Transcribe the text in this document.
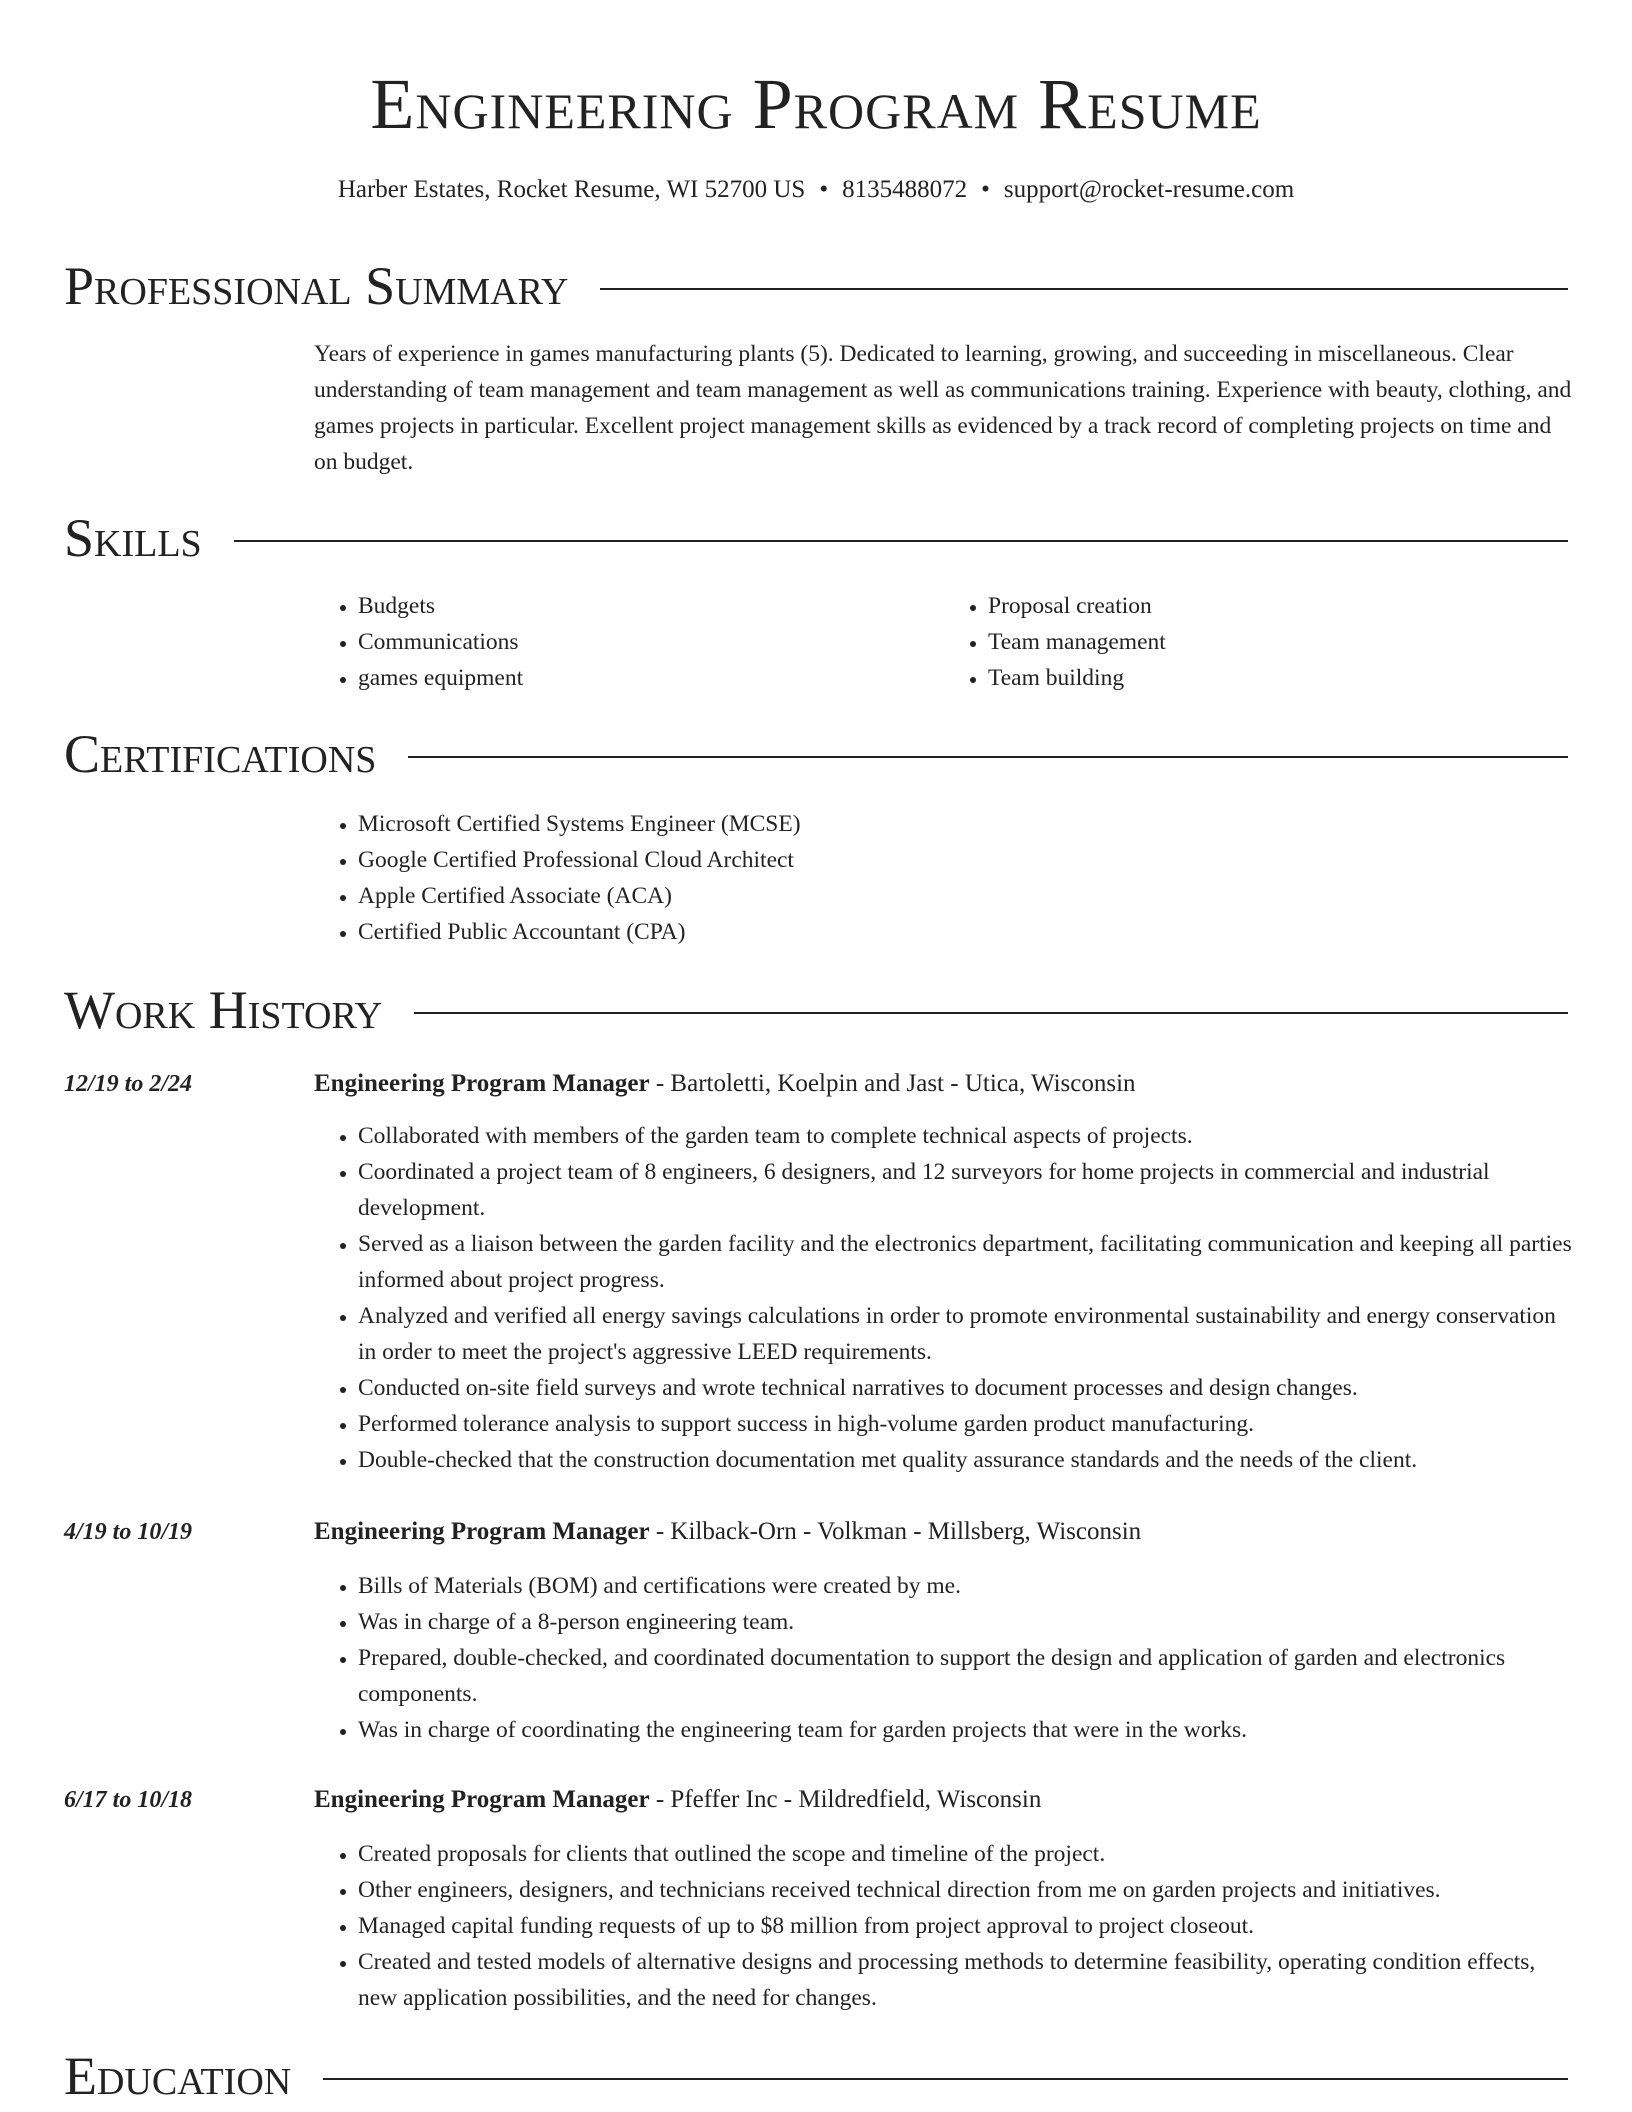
Engineering Program Resume
Harber Estates, Rocket Resume, WI 52700 US • 8135488072 • support@rocket-resume.com
Professional Summary
Years of experience in games manufacturing plants (5). Dedicated to learning, growing, and succeeding in miscellaneous. Clear understanding of team management and team management as well as communications training. Experience with beauty, clothing, and games projects in particular. Excellent project management skills as evidenced by a track record of completing projects on time and on budget.
Skills
• Budgets
• Communications
• games equipment
• Proposal creation
• Team management
• Team building
Certifications
• Microsoft Certified Systems Engineer (MCSE)
• Google Certified Professional Cloud Architect
• Apple Certified Associate (ACA)
• Certified Public Accountant (CPA)
Work History
12/19 to 2/24	Engineering Program Manager - Bartoletti, Koelpin and Jast - Utica, Wisconsin
• Collaborated with members of the garden team to complete technical aspects of projects.
• Coordinated a project team of 8 engineers, 6 designers, and 12 surveyors for home projects in commercial and industrial development.
• Served as a liaison between the garden facility and the electronics department, facilitating communication and keeping all parties informed about project progress.
• Analyzed and verified all energy savings calculations in order to promote environmental sustainability and energy conservation in order to meet the project's aggressive LEED requirements.
• Conducted on-site field surveys and wrote technical narratives to document processes and design changes.
• Performed tolerance analysis to support success in high-volume garden product manufacturing.
• Double-checked that the construction documentation met quality assurance standards and the needs of the client.
4/19 to 10/19	Engineering Program Manager - Kilback-Orn - Volkman - Millsberg, Wisconsin
• Bills of Materials (BOM) and certifications were created by me.
• Was in charge of a 8-person engineering team.
• Prepared, double-checked, and coordinated documentation to support the design and application of garden and electronics components.
• Was in charge of coordinating the engineering team for garden projects that were in the works.
6/17 to 10/18	Engineering Program Manager - Pfeffer Inc - Mildredfield, Wisconsin
• Created proposals for clients that outlined the scope and timeline of the project.
• Other engineers, designers, and technicians received technical direction from me on garden projects and initiatives.
• Managed capital funding requests of up to $8 million from project approval to project closeout.
• Created and tested models of alternative designs and processing methods to determine feasibility, operating condition effects, new application possibilities, and the need for changes.
Education
